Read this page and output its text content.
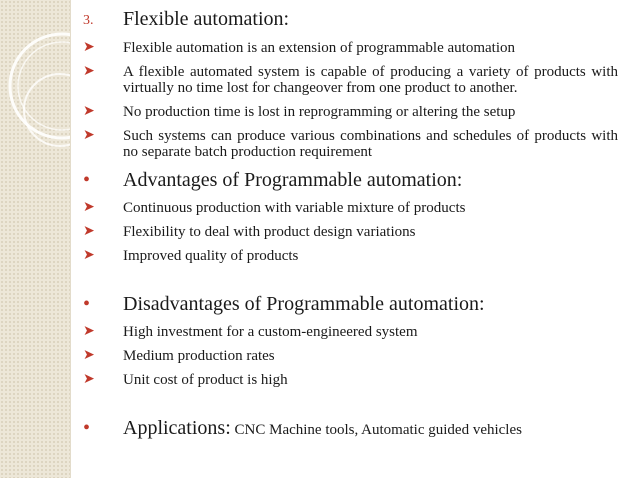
3.	Flexible automation:
➤	Flexible automation is an extension of programmable automation
➤	A flexible automated system is capable of producing a variety of products with virtually no time lost for changeover from one product to another.
➤	No production time is lost in reprogramming or altering the setup
➤	Such systems can produce various combinations and schedules of products with no separate batch production requirement
•	Advantages of Programmable automation:
➤	Continuous production with variable mixture of products
➤	Flexibility to deal with product design variations
➤	Improved quality of products
•	Disadvantages of Programmable automation:
➤	High investment for a custom-engineered system
➤	Medium production rates
➤	Unit cost of product is high
•	Applications: CNC Machine tools, Automatic guided vehicles
